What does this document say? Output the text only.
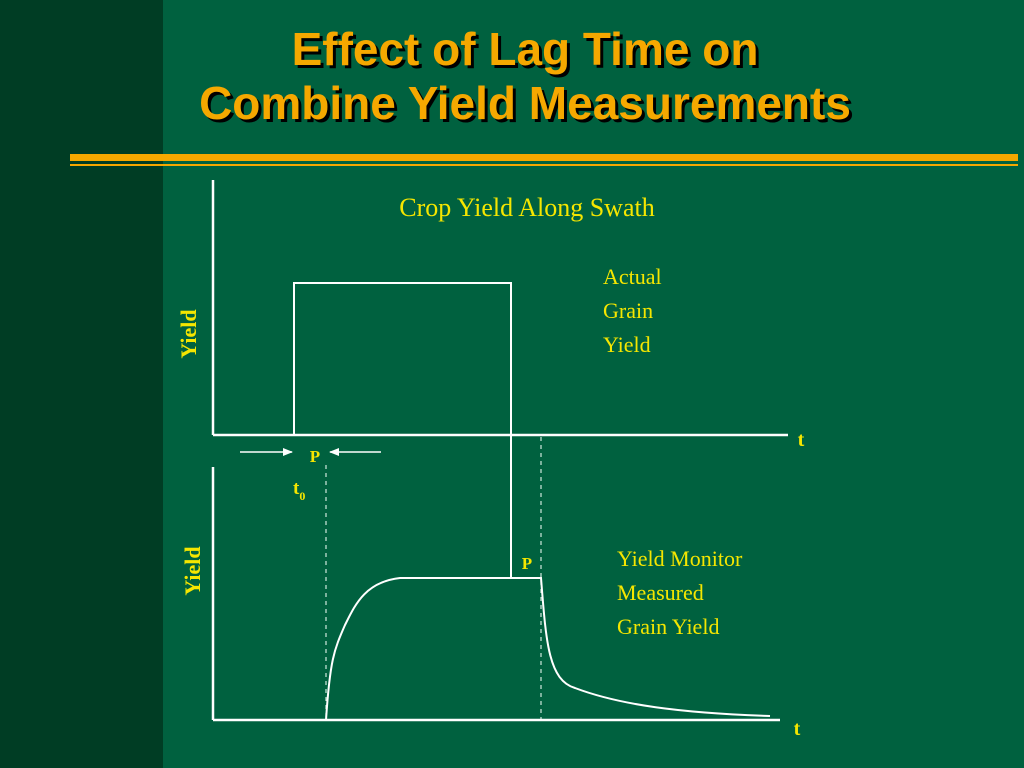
Effect of Lag Time on
Combine Yield Measurements
Crop Yield Along Swath
Yield
t
Actual
Grain
Yield
P
$t_0$
P
Yield
t
Yield Monitor
Measured
Grain Yield
